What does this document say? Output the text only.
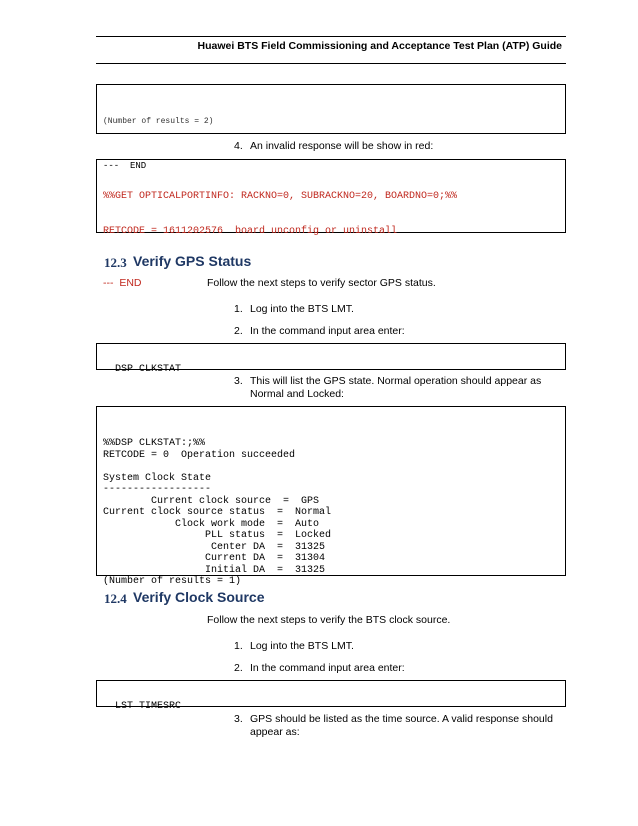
Huawei BTS Field Commissioning and Acceptance Test Plan (ATP) Guide

(Number of results = 2)

---  END

4. An invalid response will be show in red:

%%GET OPTICALPORTINFO: RACKNO=0, SUBRACKNO=20, BOARDNO=0;%%

RETCODE = 1611202576  board unconfig or uninstall

---  END

12.3 Verify GPS Status
Follow the next steps to verify sector GPS status.
1. Log into the BTS LMT.
2. In the command input area enter:

DSP CLKSTAT

3. This will list the GPS state. Normal operation should appear as Normal and Locked:

%%DSP CLKSTAT:;%%
RETCODE = 0  Operation succeeded

System Clock State
------------------
Current clock source  =  GPS
Current clock source status  =  Normal
Clock work mode  =  Auto
PLL status  =  Locked
Center DA  =  31325
Current DA  =  31304
Initial DA  =  31325
(Number of results = 1)

12.4 Verify Clock Source
Follow the next steps to verify the BTS clock source.
1. Log into the BTS LMT.
2. In the command input area enter:

LST TIMESRC

3. GPS should be listed as the time source. A valid response should appear as:
